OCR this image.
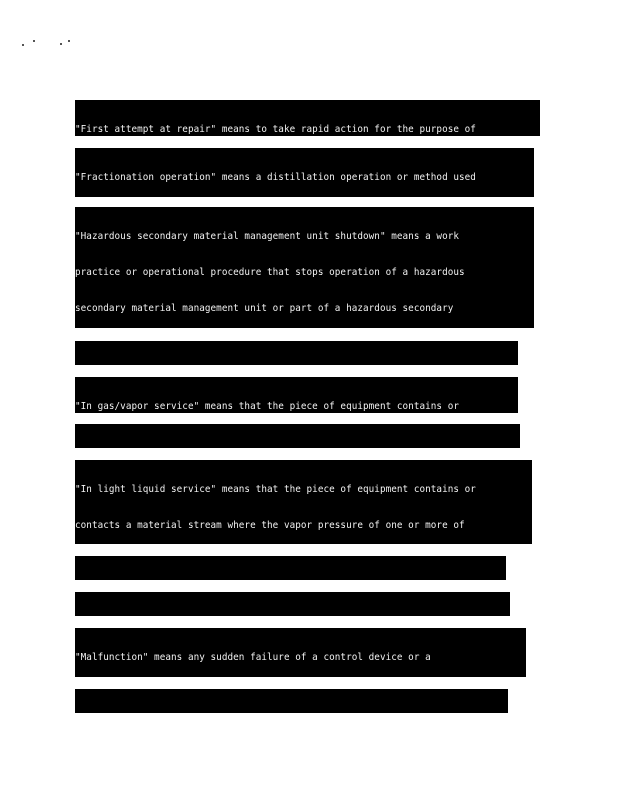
"First attempt at repair" means to take rapid action for the purpose of

"Fractionation operation" means a distillation operation or method used

"Hazardous secondary material management unit shutdown" means a work

practice or operational procedure that stops operation of a hazardous

secondary material management unit or part of a hazardous secondary

"In gas/vapor service" means that the piece of equipment contains or

"In light liquid service" means that the piece of equipment contains or

contacts a material stream where the vapor pressure of one or more of

"Malfunction" means any sudden failure of a control device or a
